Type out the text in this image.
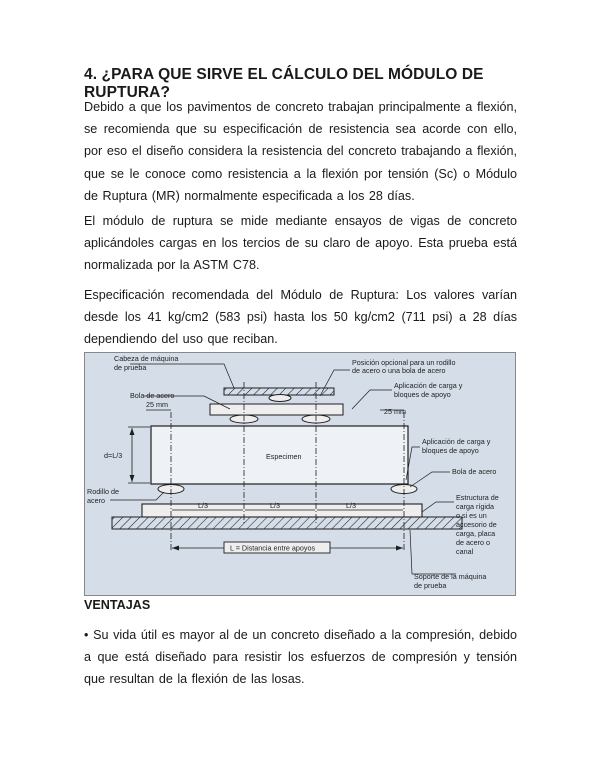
4. ¿PARA QUE SIRVE EL CÁLCULO DEL MÓDULO DE RUPTURA?
Debido a que los pavimentos de concreto trabajan principalmente a flexión, se recomienda que su especificación de resistencia sea acorde con ello, por eso el diseño considera la resistencia del concreto trabajando a flexión, que se le conoce como resistencia a la flexión por tensión (Sc) o Módulo de Ruptura (MR) normalmente especificada a los 28 días.
El módulo de ruptura se mide mediante ensayos de vigas de concreto aplicándoles cargas en los tercios de su claro de apoyo. Esta prueba está normalizada por la ASTM C78.
Especificación recomendada del Módulo de Ruptura: Los valores varían desde los 41 kg/cm2 (583 psi) hasta los 50 kg/cm2 (711 psi) a 28 días dependiendo del uso que reciban.
Cabeza de máquina
de prueba
Posición opcional para un rodillo
de acero o una bola de acero
Bola de acero
Aplicación de carga y
bloques de apoyo
25 mm
25 mm
d=L/3	Especimen
Aplicación de carga y
bloques de apoyo
Bola de acero
Rodillo de
acero
L/3	L/3	L/3
Estructura de
carga rígida
o si es un
accesorio de
carga, placa
de acero o
canal
L = Distancia entre apoyos
Soporte de la máquina
de prueba
VENTAJAS
• Su vida útil es mayor al de un concreto diseñado a la compresión, debido a que está diseñado para resistir los esfuerzos de compresión y tensión que resultan de la flexión de las losas.
